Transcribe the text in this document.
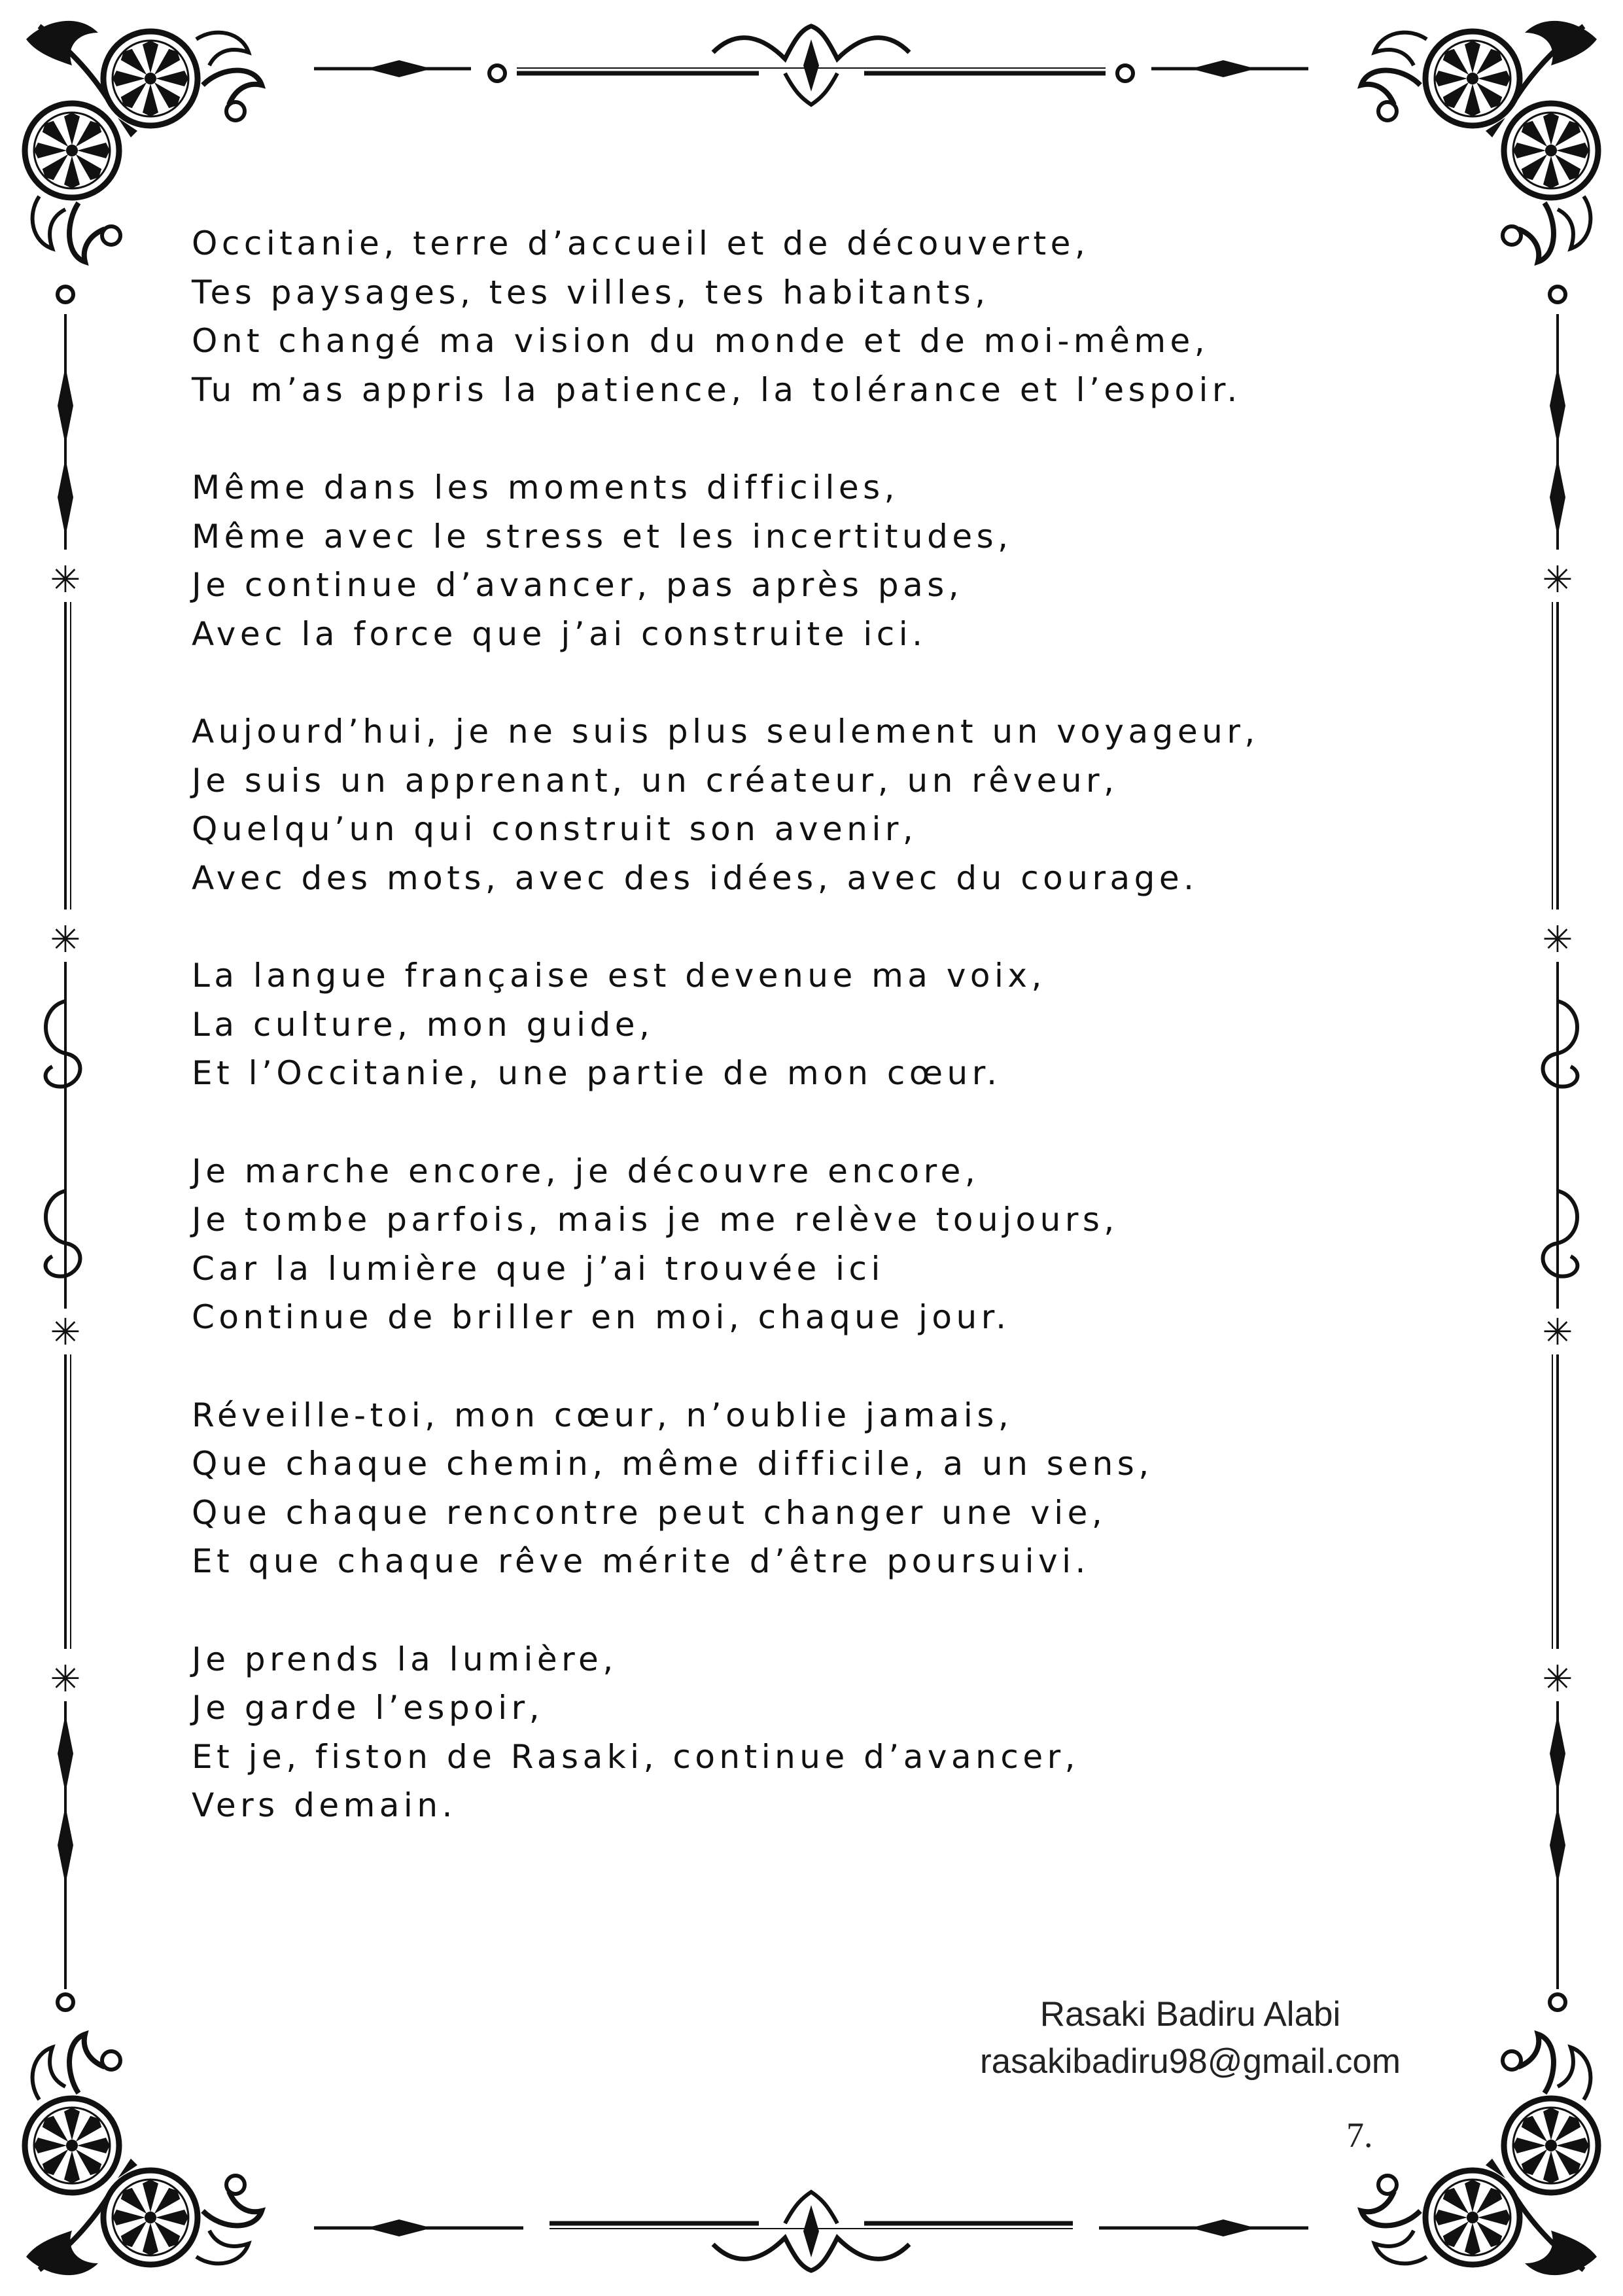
✳
✳
✳
✳
✳
✳
✳
✳
Occitanie, terre d’accueil et de découverte,
Tes paysages, tes villes, tes habitants,
Ont changé ma vision du monde et de moi-même,
Tu m’as appris la patience, la tolérance et l’espoir.
Même dans les moments difficiles,
Même avec le stress et les incertitudes,
Je continue d’avancer, pas après pas,
Avec la force que j’ai construite ici.
Aujourd’hui, je ne suis plus seulement un voyageur,
Je suis un apprenant, un créateur, un rêveur,
Quelqu’un qui construit son avenir,
Avec des mots, avec des idées, avec du courage.
La langue française est devenue ma voix,
La culture, mon guide,
Et l’Occitanie, une partie de mon cœur.
Je marche encore, je découvre encore,
Je tombe parfois, mais je me relève toujours,
Car la lumière que j’ai trouvée ici
Continue de briller en moi, chaque jour.
Réveille-toi, mon cœur, n’oublie jamais,
Que chaque chemin, même difficile, a un sens,
Que chaque rencontre peut changer une vie,
Et que chaque rêve mérite d’être poursuivi.
Je prends la lumière,
Je garde l’espoir,
Et je, fiston de Rasaki, continue d’avancer,
Vers demain.
Rasaki Badiru Alabi
rasakibadiru98@gmail.com
7.
